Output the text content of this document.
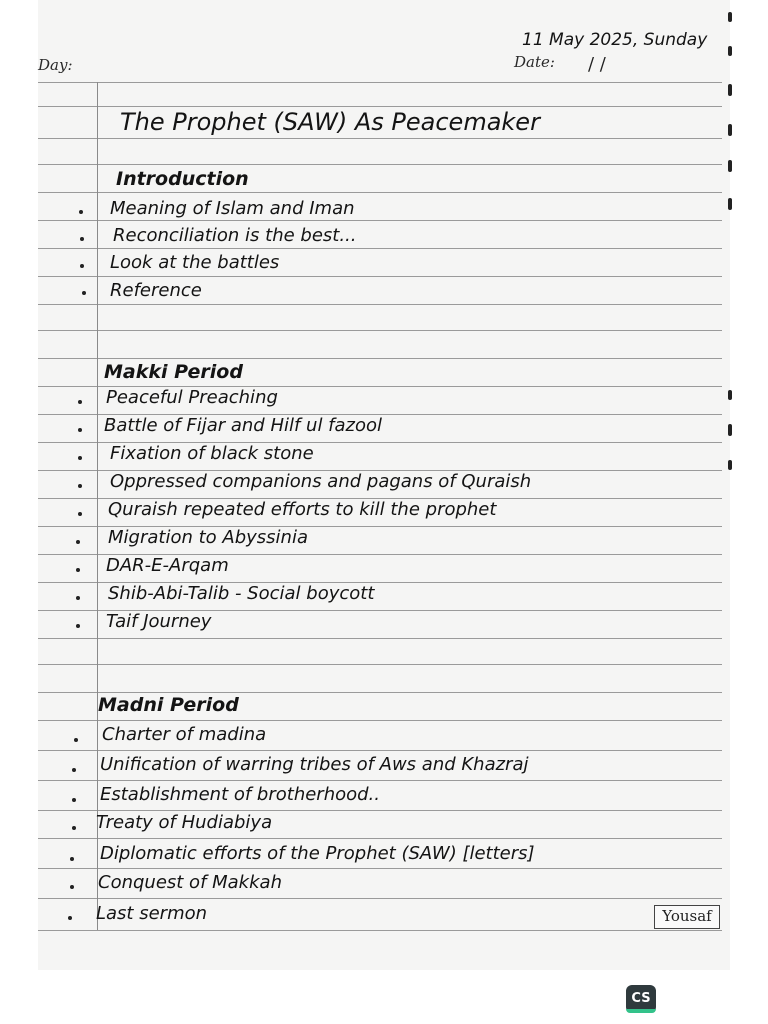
Day:	Date: / /
11 May 2025, Sunday
The Prophet (SAW) As Peacemaker
Introduction
Meaning of Islam and Iman
Reconciliation is the best...
Look at the battles
Reference
Makki Period
Peaceful Preaching
Battle of Fijar and Hilf ul fazool
Fixation of black stone
Oppressed companions and pagans of Quraish
Quraish repeated efforts to kill the prophet
Migration to Abyssinia
DAR-E-Arqam
Shib-Abi-Talib - Social boycott
Taif Journey
Madni Period
Charter of madina
Unification of warring tribes of Aws and Khazraj
Establishment of brotherhood..
Treaty of Hudiabiya
Diplomatic efforts of the Prophet (SAW) [letters]
Conquest of Makkah
Last sermon	Yousaf
CS
